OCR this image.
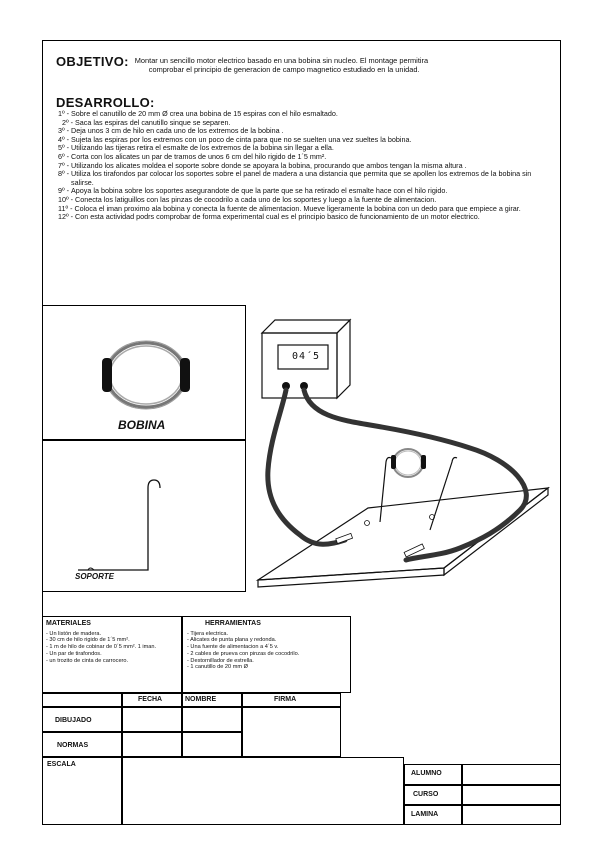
OBJETIVO: Montar un sencillo motor electrico basado en una bobina sin nucleo. El montage permitira
comprobar el principio de generacion de campo magnetico estudiado en la unidad.
DESARROLLO:
1º - Sobre el canutillo de 20 mm Ø crea una bobina de 15 espiras con el hilo esmaltado.
2º - Saca las espiras del canutillo sinque se separen.
3º - Deja unos 3 cm de hilo en cada uno de los extremos de la bobina .
4º - Sujeta las espiras por los extremos con un poco de cinta para que no se suelten una vez sueltes la bobina.
5º - Utilizando las tijeras retira el esmalte de los extremos de la bobina sin llegar a ella.
6º - Corta con los alicates un par de tramos de unos 6 cm del hilo rigido de 1´5 mm².
7º - Utilizando los alicates moldea el soporte sobre donde se apoyara la bobina, procurando que ambos tengan la misma altura .
8º - Utiliza los tirafondos par colocar los soportes sobre el panel de madera a una distancia que permita que se apollen los extremos de la bobina sin salirse.
9º - Apoya la bobina sobre los soportes asegurandote de que la parte que se ha retirado el esmalte hace con el hilo rigido.
10º - Conecta los latiguillos con las pinzas de cocodrilo a cada uno de los soportes y luego a la fuente de alimentacion.
11º - Coloca el iman proximo ala bobina y conecta la fuente de alimentacion. Mueve ligeramente la bobina con un dedo para que empiece a girar.
12º - Con esta actividad podrs comprobar de forma experimental cual es el principio basico de funcionamiento de un motor electrico.
BOBINA
SOPORTE
04´5
MATERIALES
- Un listón de madera.
- 30 cm de hilo rigido de 1´5 mm².
- 1 m de hilo de cobinar de 0´5 mm². 1 iman.
- Un par de tirafondos.
- un trozito de cinta de carrocero.
HERRAMIENTAS
- Tijera electrica.
- Alicates de punta plana y redonda.
- Una fuente de alimentacion a 4´5 v.
- 2 cables de prueva con pinzas de cocodrilo.
- Destornillador de estrella.
- 1 canutillo de 20 mm Ø
FECHA	NOMBRE	FIRMA
DIBUJADO
NORMAS
ESCALA
ALUMNO
CURSO
LAMINA
